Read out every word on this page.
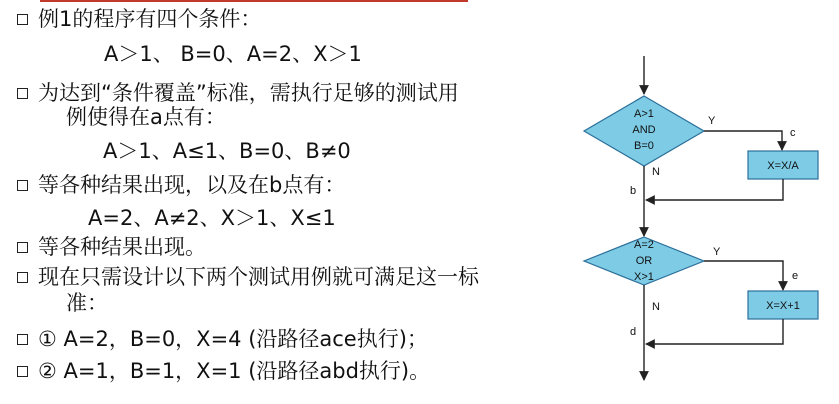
例1的程序有四个条件：
A＞1、 B=0、A=2、X＞1
为达到“条件覆盖”标准，需执行足够的测试用
例使得在a点有：
A＞1、A≤1、B=0、B≠0
等各种结果出现，以及在b点有：
A=2、A≠2、X＞1、X≤1
等各种结果出现。
现在只需设计以下两个测试用例就可满足这一标
准：
① A=2，B=0，X=4 (沿路径ace执行)；
② A=1，B=1，X=1 (沿路径abd执行)。
A>1
AND
B=0
Y
c
X=X/A
N
b
A=2
OR
X>1
Y
e
X=X+1
N
d
